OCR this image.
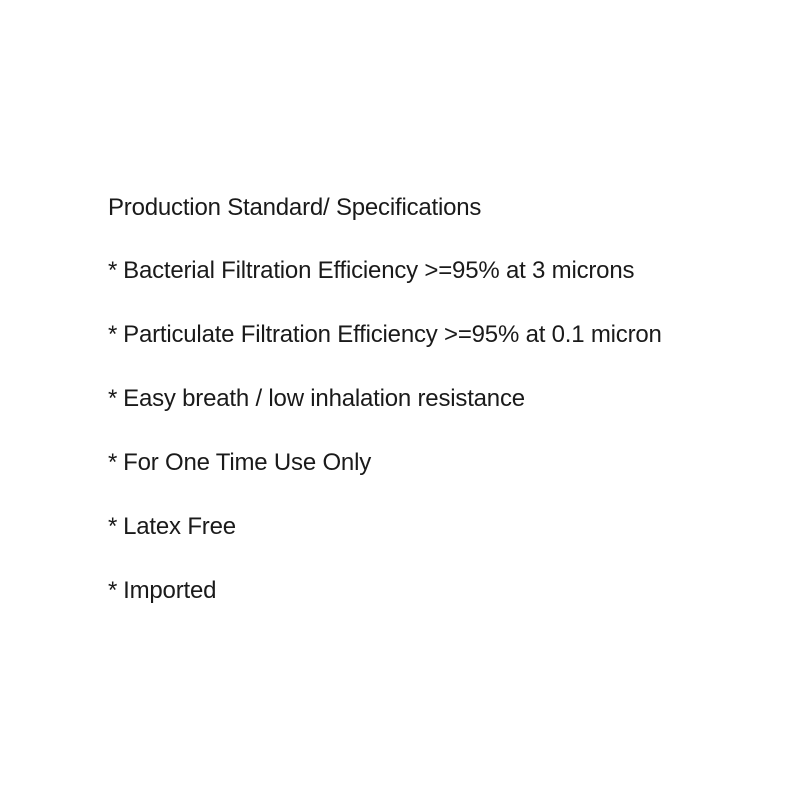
Production Standard/ Specifications
* Bacterial Filtration Efficiency >=95% at 3 microns
* Particulate Filtration Efficiency >=95% at 0.1 micron
* Easy breath / low inhalation resistance
* For One Time Use Only
* Latex Free
* Imported
